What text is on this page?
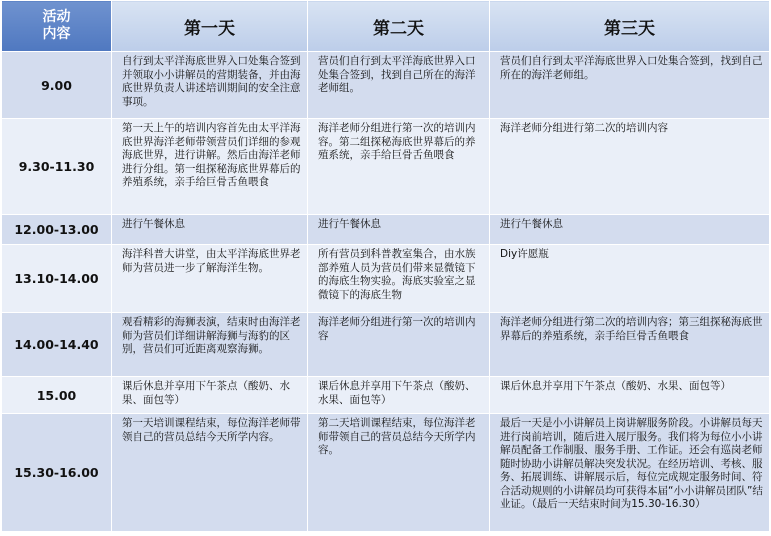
活动
内容	第一天	第二天	第三天
9.00	自行到太平洋海底世界入口处集合签到并领取小小讲解员的营期装备，并由海底世界负责人讲述培训期间的安全注意事项。	营员们自行到太平洋海底世界入口处集合签到，找到自己所在的海洋老师组。	营员们自行到太平洋海底世界入口处集合签到，找到自己所在的海洋老师组。
9.30-11.30	第一天上午的培训内容首先由太平洋海底世界海洋老师带领营员们详细的参观海底世界，进行讲解。然后由海洋老师进行分组。第一组探秘海底世界幕后的养殖系统，亲手给巨骨舌鱼喂食	海洋老师分组进行第一次的培训内容。第二组探秘海底世界幕后的养殖系统，亲手给巨骨舌鱼喂食	海洋老师分组进行第二次的培训内容
12.00-13.00	进行午餐休息	进行午餐休息	进行午餐休息
13.10-14.00	海洋科普大讲堂，由太平洋海底世界老师为营员进一步了解海洋生物。	所有营员到科普教室集合，由水族部养殖人员为营员们带来显微镜下的海底生物实验。海底实验室之显微镜下的海底生物	Diy许愿瓶
14.00-14.40	观看精彩的海狮表演，结束时由海洋老师为营员们详细讲解海狮与海豹的区别，营员们可近距离观察海狮。	海洋老师分组进行第一次的培训内容	海洋老师分组进行第二次的培训内容；第三组探秘海底世界幕后的养殖系统，亲手给巨骨舌鱼喂食
15.00	课后休息并享用下午茶点（酸奶、水果、面包等）	课后休息并享用下午茶点（酸奶、水果、面包等）	课后休息并享用下午茶点（酸奶、水果、面包等）
15.30-16.00	第一天培训课程结束，每位海洋老师带领自己的营员总结今天所学内容。	第二天培训课程结束，每位海洋老师带领自己的营员总结今天所学内容。	最后一天是小小讲解员上岗讲解服务阶段。小讲解员每天进行岗前培训，随后进入展厅服务。我们将为每位小小讲解员配备工作制服、服务手册、工作证。还会有巡岗老师随时协助小讲解员解决突发状况。在经历培训、考核、服务、拓展训练、讲解展示后，每位完成规定服务时间、符合活动规则的小讲解员均可获得本届“小小讲解员团队”结业证。（最后一天结束时间为15.30-16.30）
